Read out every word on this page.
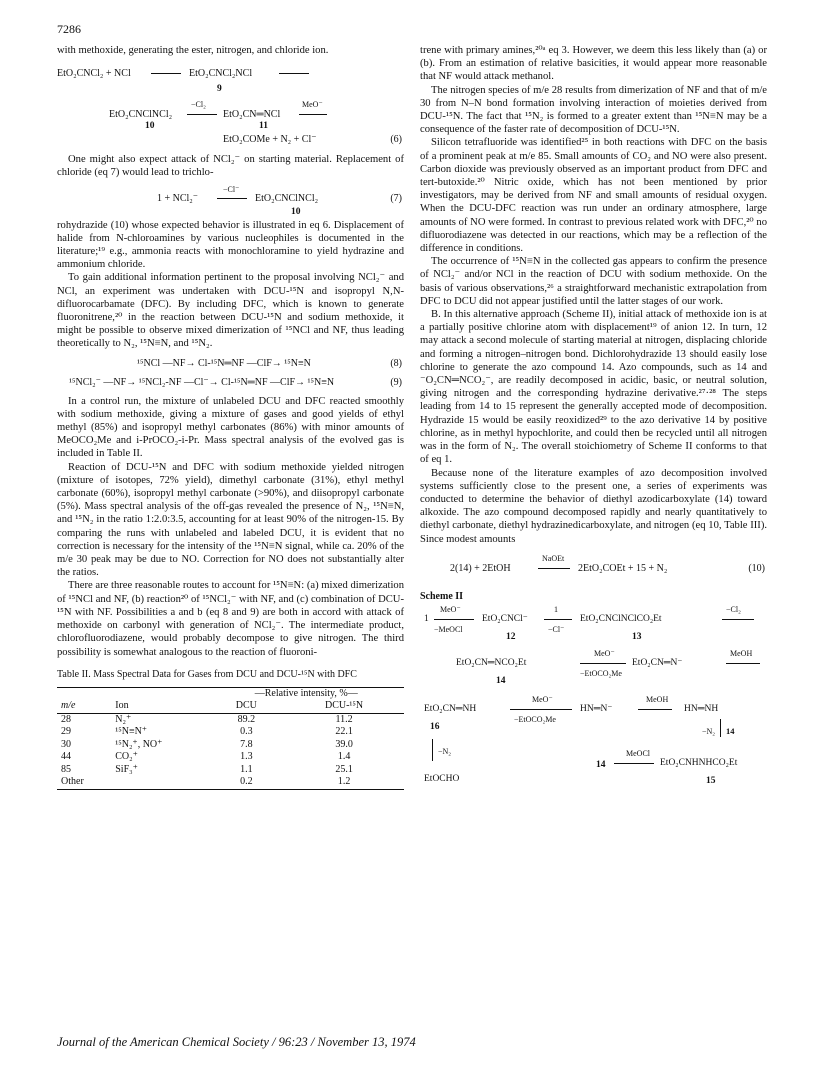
7286

with methoxide, generating the ester, nitrogen, and chloride ion.

EtO₂CNCl₂ + NCl	EtO₂CNCl₂NCl
9
EtO₂CNClNCl₂
−Cl₂
EtO₂CN═NCl
MeO⁻
10	11
EtO₂COMe + N₂ + Cl⁻	(6)

One might also expect attack of NCl₂⁻ on starting material. Replacement of chloride (eq 7) would lead to trichlo-

1 + NCl₂⁻
−Cl⁻
EtO₂CNClNCl₂	(7)
10

rohydrazide (10) whose expected behavior is illustrated in eq 6. Displacement of halide from N-chloroamines by various nucleophiles is documented in the literature;¹⁹ e.g., ammonia reacts with monochloramine to yield hydrazine and ammonium chloride.

To gain additional information pertinent to the proposal involving NCl₂⁻ and NCl, an experiment was undertaken with DCU-¹⁵N and isopropyl N,N-difluorocarbamate (DFC). By including DFC, which is known to generate fluoronitrene,²⁰ in the reaction between DCU-¹⁵N and sodium methoxide, it might be possible to observe mixed dimerization of ¹⁵NCl and NF, thus leading theoretically to N₂, ¹⁵N≡N, and ¹⁵N₂.

¹⁵NCl —NF→ Cl-¹⁵N═NF —ClF→ ¹⁵N≡N	(8)
¹⁵NCl₂⁻ —NF→ ¹⁵NCl₂-NF —Cl⁻→ Cl-¹⁵N═NF —ClF→ ¹⁵N≡N	(9)

In a control run, the mixture of unlabeled DCU and DFC reacted smoothly with sodium methoxide, giving a mixture of gases and good yields of ethyl methyl (85%) and isopropyl methyl carbonates (86%) with minor amounts of MeOCO₂Me and i-PrOCO₂-i-Pr. Mass spectral analysis of the evolved gas is included in Table II.

Reaction of DCU-¹⁵N and DFC with sodium methoxide yielded nitrogen (mixture of isotopes, 72% yield), dimethyl carbonate (31%), ethyl methyl carbonate (60%), isopropyl methyl carbonate (>90%), and diisopropyl carbonate (5%). Mass spectral analysis of the off-gas revealed the presence of N₂, ¹⁵N≡N, and ¹⁵N₂ in the ratio 1:2.0:3.5, accounting for at least 90% of the nitrogen-15. By comparing the runs with unlabeled and labeled DCU, it is evident that no correction is necessary for the intensity of the ¹⁵N≡N signal, while ca. 20% of the m/e 30 peak may be due to NO. Correction for NO does not substantially alter the ratios.

There are three reasonable routes to account for ¹⁵N≡N: (a) mixed dimerization of ¹⁵NCl and NF, (b) reaction²⁰ of ¹⁵NCl₂⁻ with NF, and (c) combination of DCU-¹⁵N with NF. Possibilities a and b (eq 8 and 9) are both in accord with attack of methoxide on carbonyl with generation of NCl₂⁻. The intermediate product, chlorofluorodiazene, would probably decompose to give nitrogen. The third possibility is somewhat analogous to the reaction of fluoroni-

Table II. Mass Spectral Data for Gases from DCU and DCU-¹⁵N with DFC
		—Relative intensity, %—	
m/e	Ion	DCU	DCU-¹⁵N
28	N₂⁺	89.2	11.2
29	¹⁵N≡N⁺	0.3	22.1
30	¹⁵N₂⁺, NO⁺	7.8	39.0
44	CO₂⁺	1.3	1.4
85	SiF₃⁺	1.1	25.1
Other		0.2	1.2

trene with primary amines,²⁰ᵃ eq 3. However, we deem this less likely than (a) or (b). From an estimation of relative basicities, it would appear more reasonable that NF would attack methanol.

The nitrogen species of m/e 28 results from dimerization of NF and that of m/e 30 from N–N bond formation involving interaction of moieties derived from DCU-¹⁵N. The fact that ¹⁵N₂ is formed to a greater extent than ¹⁵N≡N may be a consequence of the faster rate of decomposition of DCU-¹⁵N.

Silicon tetrafluoride was identified²⁵ in both reactions with DFC on the basis of a prominent peak at m/e 85. Small amounts of CO₂ and NO were also present. Carbon dioxide was previously observed as an important product from DFC and tert-butoxide.²⁰ Nitric oxide, which has not been mentioned by prior investigators, may be derived from NF and small amounts of residual oxygen. When the DCU-DFC reaction was run under an ordinary atmosphere, large amounts of NO were formed. In contrast to previous related work with DFC,²⁰ no difluorodiazene was detected in our reactions, which may be a reflection of the difference in conditions.

The occurrence of ¹⁵N≡N in the collected gas appears to confirm the presence of NCl₂⁻ and/or NCl in the reaction of DCU with sodium methoxide. On the basis of various observations,²⁶ a straightforward mechanistic extrapolation from DFC to DCU did not appear justified until the latter stages of our work.

B. In this alternative approach (Scheme II), initial attack of methoxide ion is at a partially positive chlorine atom with displacement¹⁹ of anion 12. In turn, 12 may attack a second molecule of starting material at nitrogen, displacing chloride and forming a nitrogen–nitrogen bond. Dichlorohydrazide 13 should easily lose chlorine to generate the azo compound 14. Azo compounds, such as 14 and ⁻O₂CN═NCO₂⁻, are readily decomposed in acidic, basic, or neutral solution, giving nitrogen and the corresponding hydrazine derivative.²⁷·²⁸ The steps leading from 14 to 15 represent the generally accepted mode of decomposition. Hydrazide 15 would be easily reoxidized²⁹ to the azo derivative 14 by positive chlorine, as in methyl hypochlorite, and could then be recycled until all nitrogen was in the form of N₂. The overall stoichiometry of Scheme II conforms to that of eq 1.

Because none of the literature examples of azo decomposition involved systems sufficiently close to the present one, a series of experiments was conducted to determine the behavior of diethyl azodicarboxylate (14) toward alkoxide. The azo compound decomposed rapidly and nearly quantitatively to diethyl carbonate, diethyl hydrazinedicarboxylate, and nitrogen (eq 10, Table III). Since modest amounts

2(14) + 2EtOH
NaOEt
2EtO₂COEt + 15 + N₂	(10)
Scheme II
1
MeO⁻
−MeOCl
EtO₂CNCl⁻
1
−Cl⁻
EtO₂CNClNClCO₂Et
−Cl₂
12	13
EtO₂CN═NCO₂Et
MeO⁻
−EtOCO₂Me
EtO₂CN═N⁻
MeOH
14
EtO₂CN═NH
MeO⁻
−EtOCO₂Me
HN═N⁻
MeOH
HN═NH
16	−N₂ 14
−N₂
14
MeOCl
EtO₂CNHNHCO₂Et
EtOCHO	15
Journal of the American Chemical Society / 96:23 / November 13, 1974
